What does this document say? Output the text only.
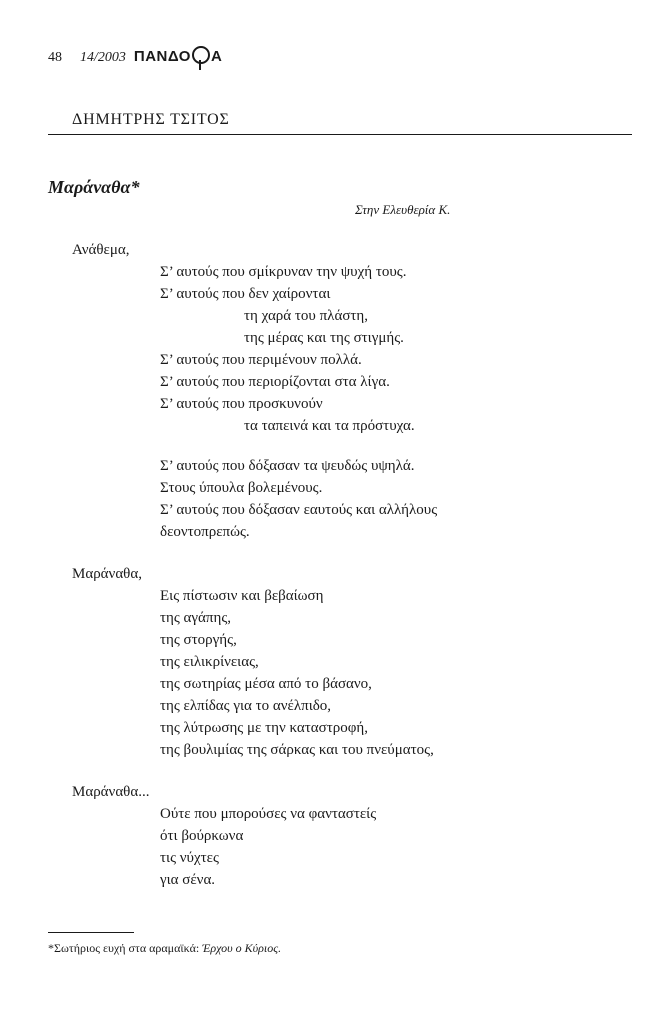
48 14/2003 ΠΑΝΔΟ Α
ΔΗΜΗΤΡΗΣ ΤΣΙΤΟΣ
Μαράναθα*
Στην Ελευθερία Κ.
Ανάθεμα,
Σ’ αυτούς που σμίκρυναν την ψυχή τους.
Σ’ αυτούς που δεν χαίρονται
τη χαρά του πλάστη,
της μέρας και της στιγμής.
Σ’ αυτούς που περιμένουν πολλά.
Σ’ αυτούς που περιορίζονται στα λίγα.
Σ’ αυτούς που προσκυνούν
τα ταπεινά και τα πρόστυχα.
Σ’ αυτούς που δόξασαν τα ψευδώς υψηλά.
Στους ύπουλα βολεμένους.
Σ’ αυτούς που δόξασαν εαυτούς και αλλήλους
δεοντοπρεπώς.
Μαράναθα,
Εις πίστωσιν και βεβαίωση
της αγάπης,
της στοργής,
της ειλικρίνειας,
της σωτηρίας μέσα από το βάσανο,
της ελπίδας για το ανέλπιδο,
της λύτρωσης με την καταστροφή,
της βουλιμίας της σάρκας και του πνεύματος,
Μαράναθα...
Ούτε που μπορούσες να φανταστείς
ότι βούρκωνα
τις νύχτες
για σένα.
*Σωτήριος ευχή στα αραμαϊκά: Έρχου ο Κύριος.
